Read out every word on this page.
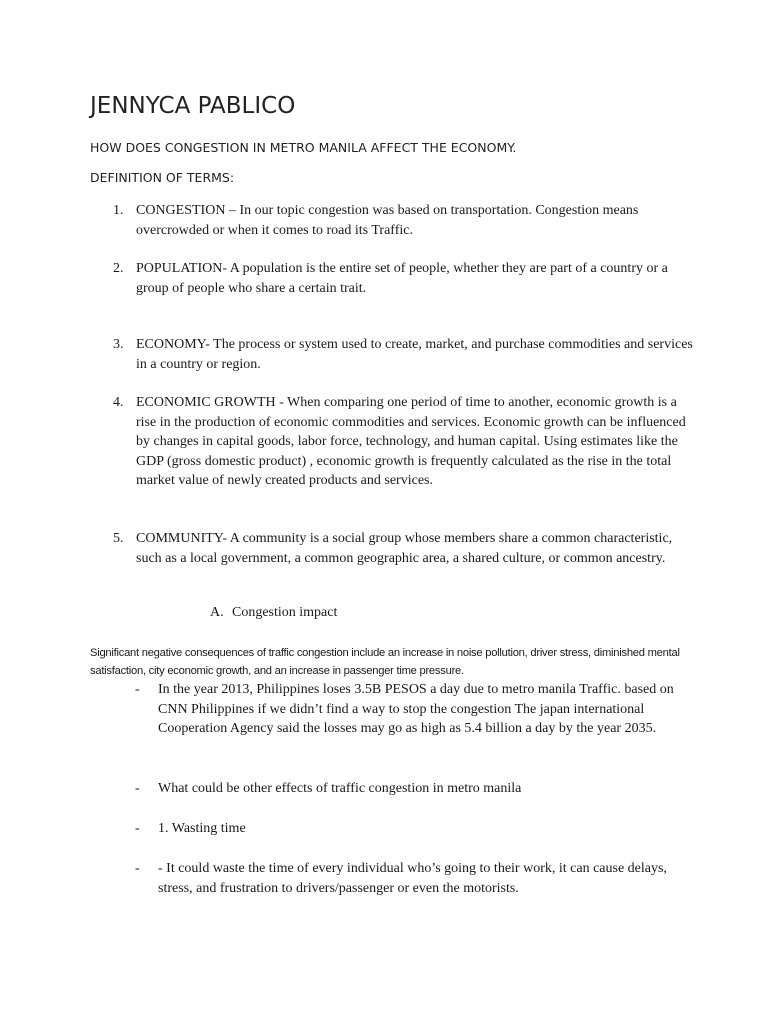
JENNYCA PABLICO

HOW DOES CONGESTION IN METRO MANILA AFFECT THE ECONOMY.

DEFINITION OF TERMS:

1. CONGESTION – In our topic congestion was based on transportation. Congestion means overcrowded or when it comes to road its Traffic.
2. POPULATION- A population is the entire set of people, whether they are part of a country or a group of people who share a certain trait.
3. ECONOMY- The process or system used to create, market, and purchase commodities and services in a country or region.
4. ECONOMIC GROWTH - When comparing one period of time to another, economic growth is a rise in the production of economic commodities and services. Economic growth can be influenced by changes in capital goods, labor force, technology, and human capital. Using estimates like the GDP (gross domestic product) , economic growth is frequently calculated as the rise in the total market value of newly created products and services.
5. COMMUNITY- A community is a social group whose members share a common characteristic, such as a local government, a common geographic area, a shared culture, or common ancestry.
A. Congestion impact

Significant negative consequences of traffic congestion include an increase in noise pollution, driver stress, diminished mental satisfaction, city economic growth, and an increase in passenger time pressure.

-	In the year 2013, Philippines loses 3.5B PESOS a day due to metro manila Traffic. based on CNN Philippines if we didn’t find a way to stop the congestion The japan international Cooperation Agency said the losses may go as high as 5.4 billion a day by the year 2035.
-	What could be other effects of traffic congestion in metro manila
-	1. Wasting time
-	- It could waste the time of every individual who’s going to their work, it can cause delays, stress, and frustration to drivers/passenger or even the motorists.
